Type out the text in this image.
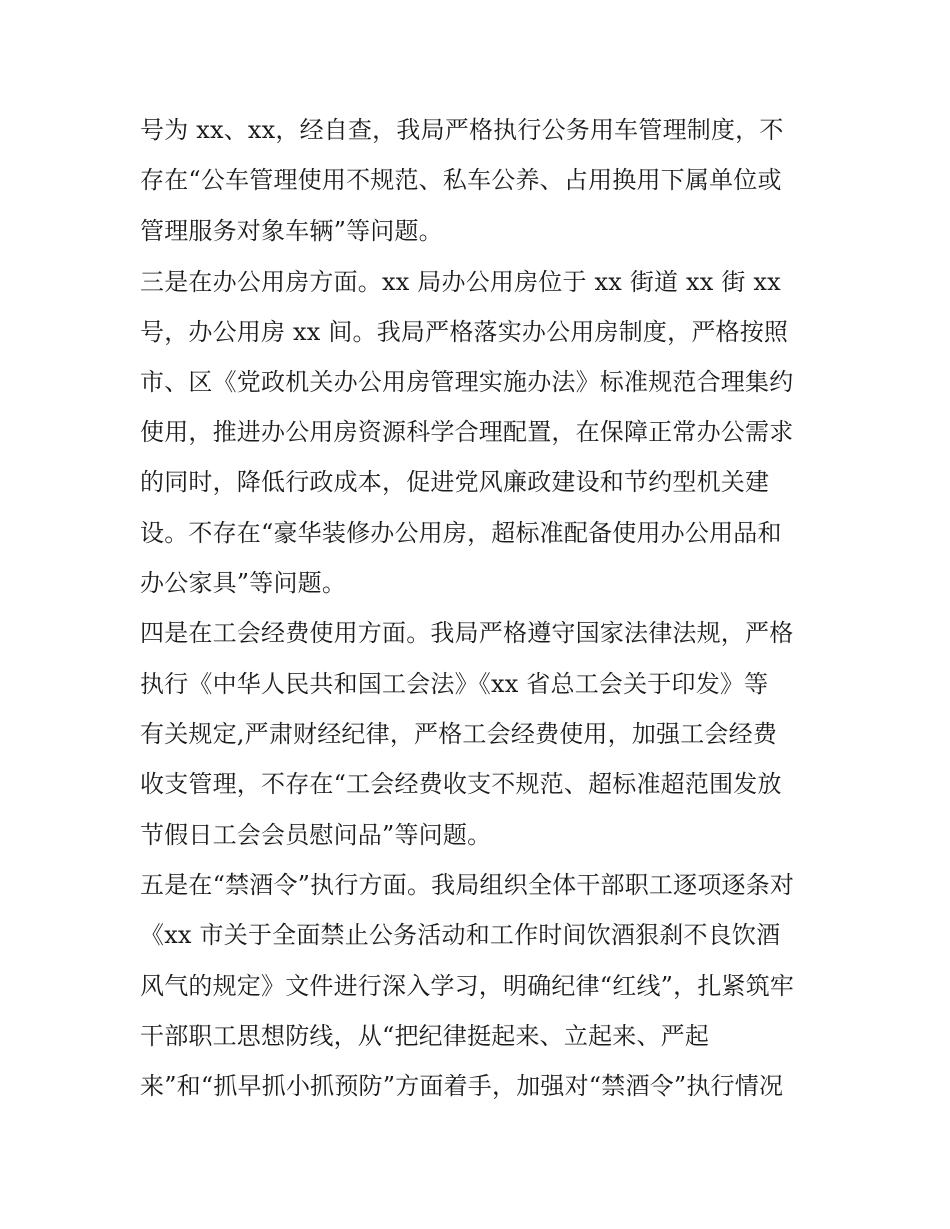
号为 xx、xx，经自查，我局严格执行公务用车管理制度，不
存在“公车管理使用不规范、私车公养、占用换用下属单位或
管理服务对象车辆”等问题。
三是在办公用房方面。xx 局办公用房位于 xx 街道 xx 街 xx
号，办公用房 xx 间。我局严格落实办公用房制度，严格按照
市、区《党政机关办公用房管理实施办法》标准规范合理集约
使用，推进办公用房资源科学合理配置，在保障正常办公需求
的同时，降低行政成本，促进党风廉政建设和节约型机关建
设。不存在“豪华装修办公用房，超标准配备使用办公用品和
办公家具”等问题。
四是在工会经费使用方面。我局严格遵守国家法律法规，严格
执行《中华人民共和国工会法》《xx 省总工会关于印发》等
有关规定,严肃财经纪律，严格工会经费使用，加强工会经费
收支管理，不存在“工会经费收支不规范、超标准超范围发放
节假日工会会员慰问品”等问题。
五是在“禁酒令”执行方面。我局组织全体干部职工逐项逐条对
《xx 市关于全面禁止公务活动和工作时间饮酒狠刹不良饮酒
风气的规定》文件进行深入学习，明确纪律“红线”，扎紧筑牢
干部职工思想防线，从“把纪律挺起来、立起来、严起
来”和“抓早抓小抓预防”方面着手，加强对“禁酒令”执行情况
